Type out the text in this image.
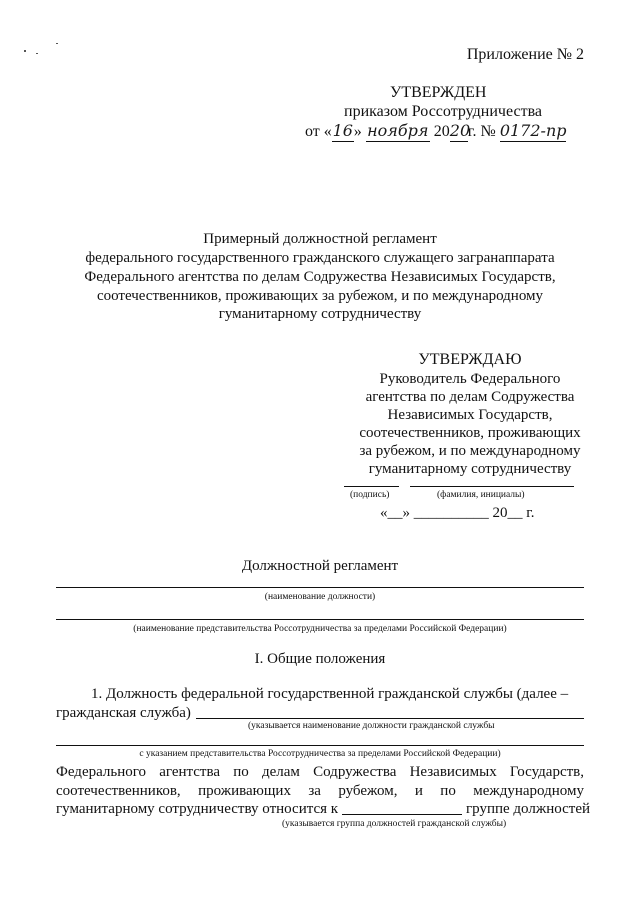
Приложение № 2
УТВЕРЖДЕН
приказом Россотрудничества
от «16» ноября 2020г. № 0172-пр
Примерный должностной регламент
федерального государственного гражданского служащего загранаппарата
Федерального агентства по делам Содружества Независимых Государств,
соотечественников, проживающих за рубежом, и по международному
гуманитарному сотрудничеству
УТВЕРЖДАЮ
Руководитель Федерального
агентства по делам Содружества
Независимых Государств,
соотечественников, проживающих
за рубежом, и по международному
гуманитарному сотрудничеству
(подпись)	(фамилия, инициалы)
«__» __________ 20__ г.
Должностной регламент
(наименование должности)
(наименование представительства Россотрудничества за пределами Российской Федерации)
I. Общие положения
1. Должность федеральной государственной гражданской службы (далее –
гражданская служба)
(указывается наименование должности гражданской службы
с указанием представительства Россотрудничества за пределами Российской Федерации)
Федерального агентства по делам Содружества Независимых Государств,
соотечественников, проживающих за рубежом, и по международному
гуманитарному сотрудничеству относится к	группе должностей
(указывается группа должностей гражданской службы)
